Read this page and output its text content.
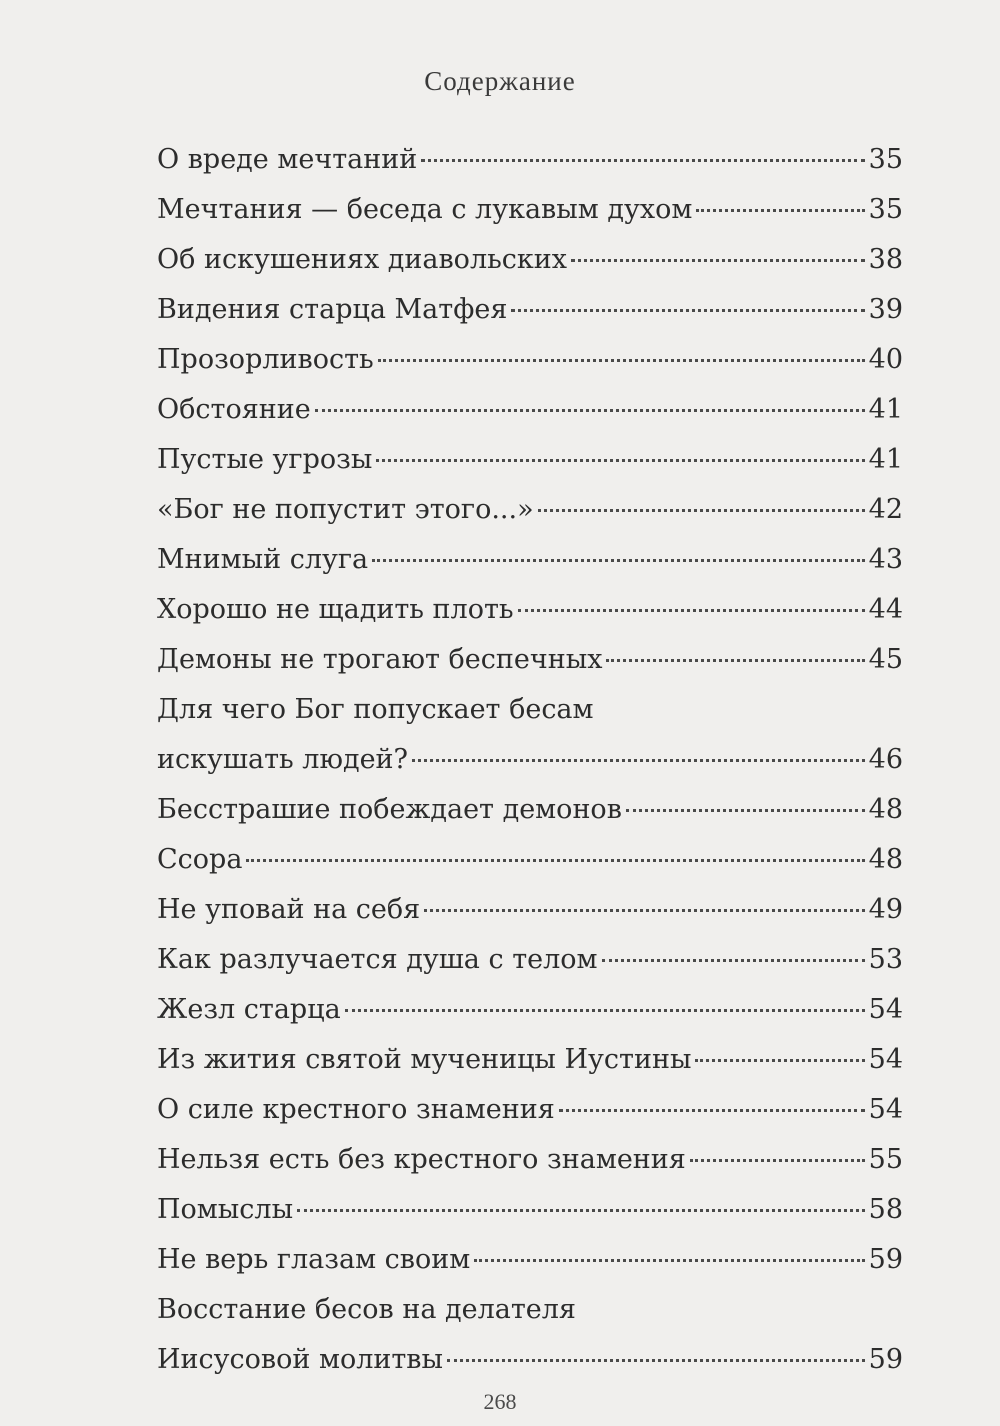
Содержание
О вреде мечтаний	35
Мечтания — беседа с лукавым духом	35
Об искушениях диавольских	38
Видения старца Матфея	39
Прозорливость	40
Обстояние	41
Пустые угрозы	41
«Бог не попустит этого...»	42
Мнимый слуга	43
Хорошо не щадить плоть	44
Демоны не трогают беспечных	45
Для чего Бог попускает бесам
искушать людей?	46
Бесстрашие побеждает демонов	48
Ссора	48
Не уповай на себя	49
Как разлучается душа с телом	53
Жезл старца	54
Из жития святой мученицы Иустины	54
О силе крестного знамения	54
Нельзя есть без крестного знамения	55
Помыслы	58
Не верь глазам своим	59
Восстание бесов на делателя
Иисусовой молитвы	59
268
